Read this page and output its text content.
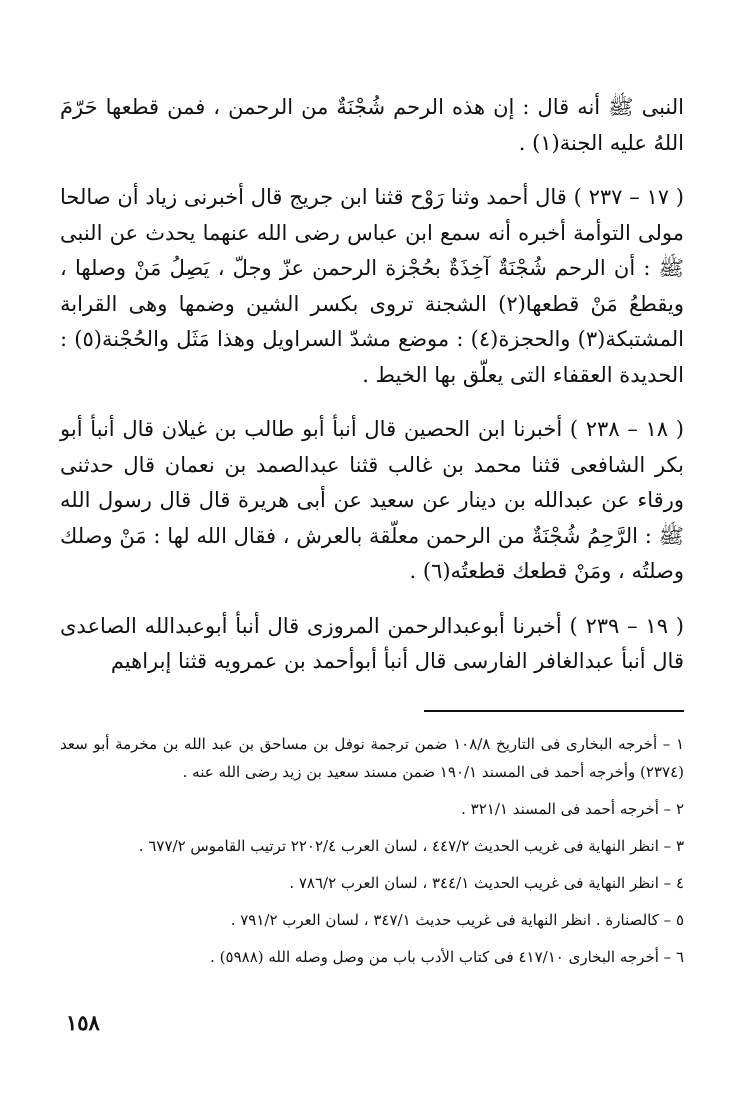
النبى ﷺ أنه قال : إن هذه الرحم شُجْنَةٌ من الرحمن ، فمن قطعها حَرّمَ اللهُ عليه الجنة(١) .

( ١٧ – ٢٣٧ ) قال أحمد وثنا رَوْح قثنا ابن جريج قال أخبرنى زياد أن صالحا مولى التوأمة أخبره أنه سمع ابن عباس رضى الله عنهما يحدث عن النبى ﷺ : أن الرحم شُجْنَةٌ آخِذَةٌ بحُجْزة الرحمن عزّ وجلّ ، يَصِلُ مَنْ وصلها ، ويقطعُ مَنْ قطعها(٢) الشجنة تروى بكسر الشين وضمها وهى القرابة المشتبكة(٣) والحجزة(٤) : موضع مشدّ السراويل وهذا مَثَل والحُجْنة(٥) : الحديدة العقفاء التى يعلّق بها الخيط .

( ١٨ – ٢٣٨ ) أخبرنا ابن الحصين قال أنبأ أبو طالب بن غيلان قال أنبأ أبو بكر الشافعى قثنا محمد بن غالب قثنا عبدالصمد بن نعمان قال حدثنى ورقاء عن عبدالله بن دينار عن سعيد عن أبى هريرة قال قال رسول الله ﷺ : الرَّحِمُ شُجْنَةٌ من الرحمن معلّقة بالعرش ، فقال الله لها : مَنْ وصلك وصلتُه ، ومَنْ قطعك قطعتُه(٦) .

( ١٩ – ٢٣٩ ) أخبرنا أبوعبدالرحمن المروزى قال أنبأ أبوعبدالله الصاعدى قال أنبأ عبدالغافر الفارسى قال أنبأ أبوأحمد بن عمرويه قثنا إبراهيم

١ – أخرجه البخارى فى التاريخ ١٠٨/٨ ضمن ترجمة نوفل بن مساحق بن عبد الله بن مخرمة أبو سعد (٢٣٧٤) وأخرجه أحمد فى المسند ١٩٠/١ ضمن مسند سعيد بن زيد رضى الله عنه .

٢ – أخرجه أحمد فى المسند ٣٢١/١ .

٣ – انظر النهاية فى غريب الحديث ٤٤٧/٢ ، لسان العرب ٢٢٠٢/٤ ترتيب القاموس ٦٧٧/٢ .

٤ – انظر النهاية فى غريب الحديث ٣٤٤/١ ، لسان العرب ٧٨٦/٢ .

٥ – كالصنارة . انظر النهاية فى غريب حديث ٣٤٧/١ ، لسان العرب ٧٩١/٢ .

٦ – أخرجه البخارى ٤١٧/١٠ فى كتاب الأدب باب من وصل وصله الله (٥٩٨٨) .

١٥٨
